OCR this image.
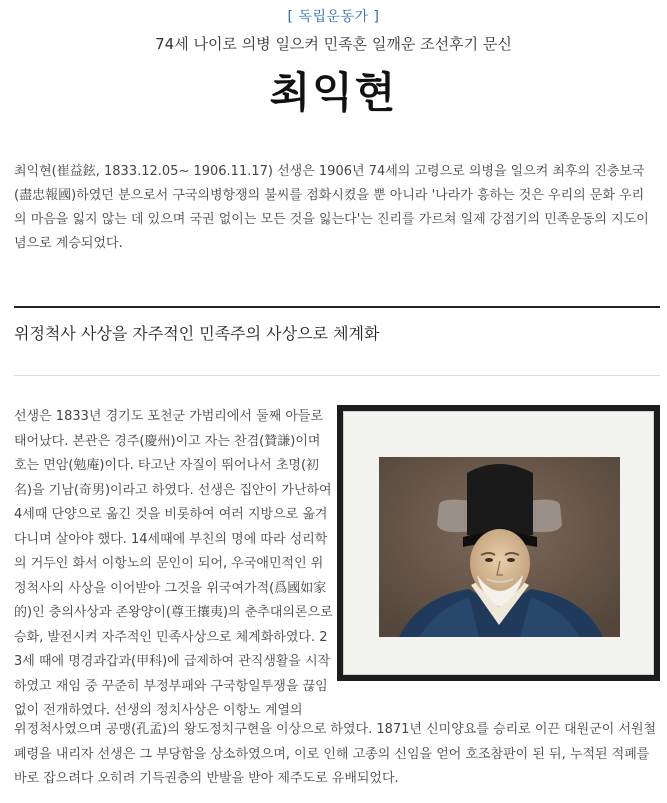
[ 독립운동가 ]
74세 나이로 의병 일으켜 민족혼 일깨운 조선후기 문신
최익현

최익현(崔益鉉, 1833.12.05~ 1906.11.17) 선생은 1906년 74세의 고령으로 의병을 일으켜 최후의 진충보국(盡忠報國)하였던 분으로서 구국의병항쟁의 불씨를 점화시켰을 뿐 아니라 '나라가 흥하는 것은 우리의 문화 우리의 마음을 잃지 않는 데 있으며 국권 없이는 모든 것을 잃는다'는 진리를 가르쳐 일제 강점기의 민족운동의 지도이념으로 계승되었다.

위정척사 사상을 자주적인 민족주의 사상으로 체계화

선생은 1833년 경기도 포천군 가범리에서 둘째 아들로 태어났다. 본관은 경주(慶州)이고 자는 찬겸(贊謙)이며 호는 면암(勉庵)이다. 타고난 자질이 뛰어나서 초명(初名)을 기남(奇男)이라고 하였다. 선생은 집안이 가난하여 4세때 단양으로 옮긴 것을 비롯하여 여러 지방으로 옮겨 다니며 살아야 했다. 14세때에 부친의 명에 따라 성리학의 거두인 화서 이항노의 문인이 되어, 우국애민적인 위정척사의 사상을 이어받아 그것을 위국여가적(爲國如家的)인 충의사상과 존왕양이(尊王攘夷)의 춘추대의론으로 승화, 발전시켜 자주적인 민족사상으로 체계화하였다. 23세 때에 명경과갑과(甲科)에 급제하여 관직생활을 시작하였고 재임 중 꾸준히 부정부패와 구국항일투쟁을 끊임없이 전개하였다. 선생의 정치사상은 이항노 계열의

위정척사였으며 공맹(孔孟)의 왕도정치구현을 이상으로 하였다. 1871년 신미양요를 승리로 이끈 대원군이 서원철폐령을 내리자 선생은 그 부당함을 상소하였으며, 이로 인해 고종의 신임을 얻어 호조참판이 된 뒤, 누적된 적폐를 바로 잡으려다 오히려 기득권층의 반발을 받아 제주도로 유배되었다.
